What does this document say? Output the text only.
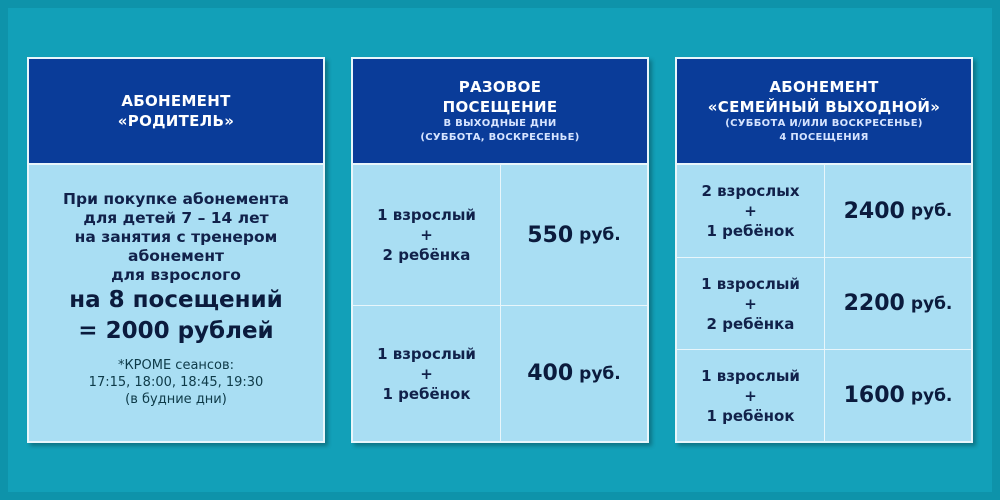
АБОНЕМЕНТ
«РОДИТЕЛЬ»
При покупке абонемента
для детей 7 – 14 лет
на занятия с тренером
абонемент
для взрослого
на 8 посещений
= 2000 рублей
*КРОМЕ сеансов:
17:15, 18:00, 18:45, 19:30
(в будние дни)
РАЗОВОЕ
ПОСЕЩЕНИЕ
В ВЫХОДНЫЕ ДНИ
(СУББОТА, ВОСКРЕСЕНЬЕ)
1 взрослый
+
2 ребёнка
550 руб.
1 взрослый
+
1 ребёнок
400 руб.
АБОНЕМЕНТ
«СЕМЕЙНЫЙ ВЫХОДНОЙ»
(СУББОТА И/ИЛИ ВОСКРЕСЕНЬЕ)
4 ПОСЕЩЕНИЯ
2 взрослых
+
1 ребёнок
2400 руб.
1 взрослый
+
2 ребёнка
2200 руб.
1 взрослый
+
1 ребёнок
1600 руб.
